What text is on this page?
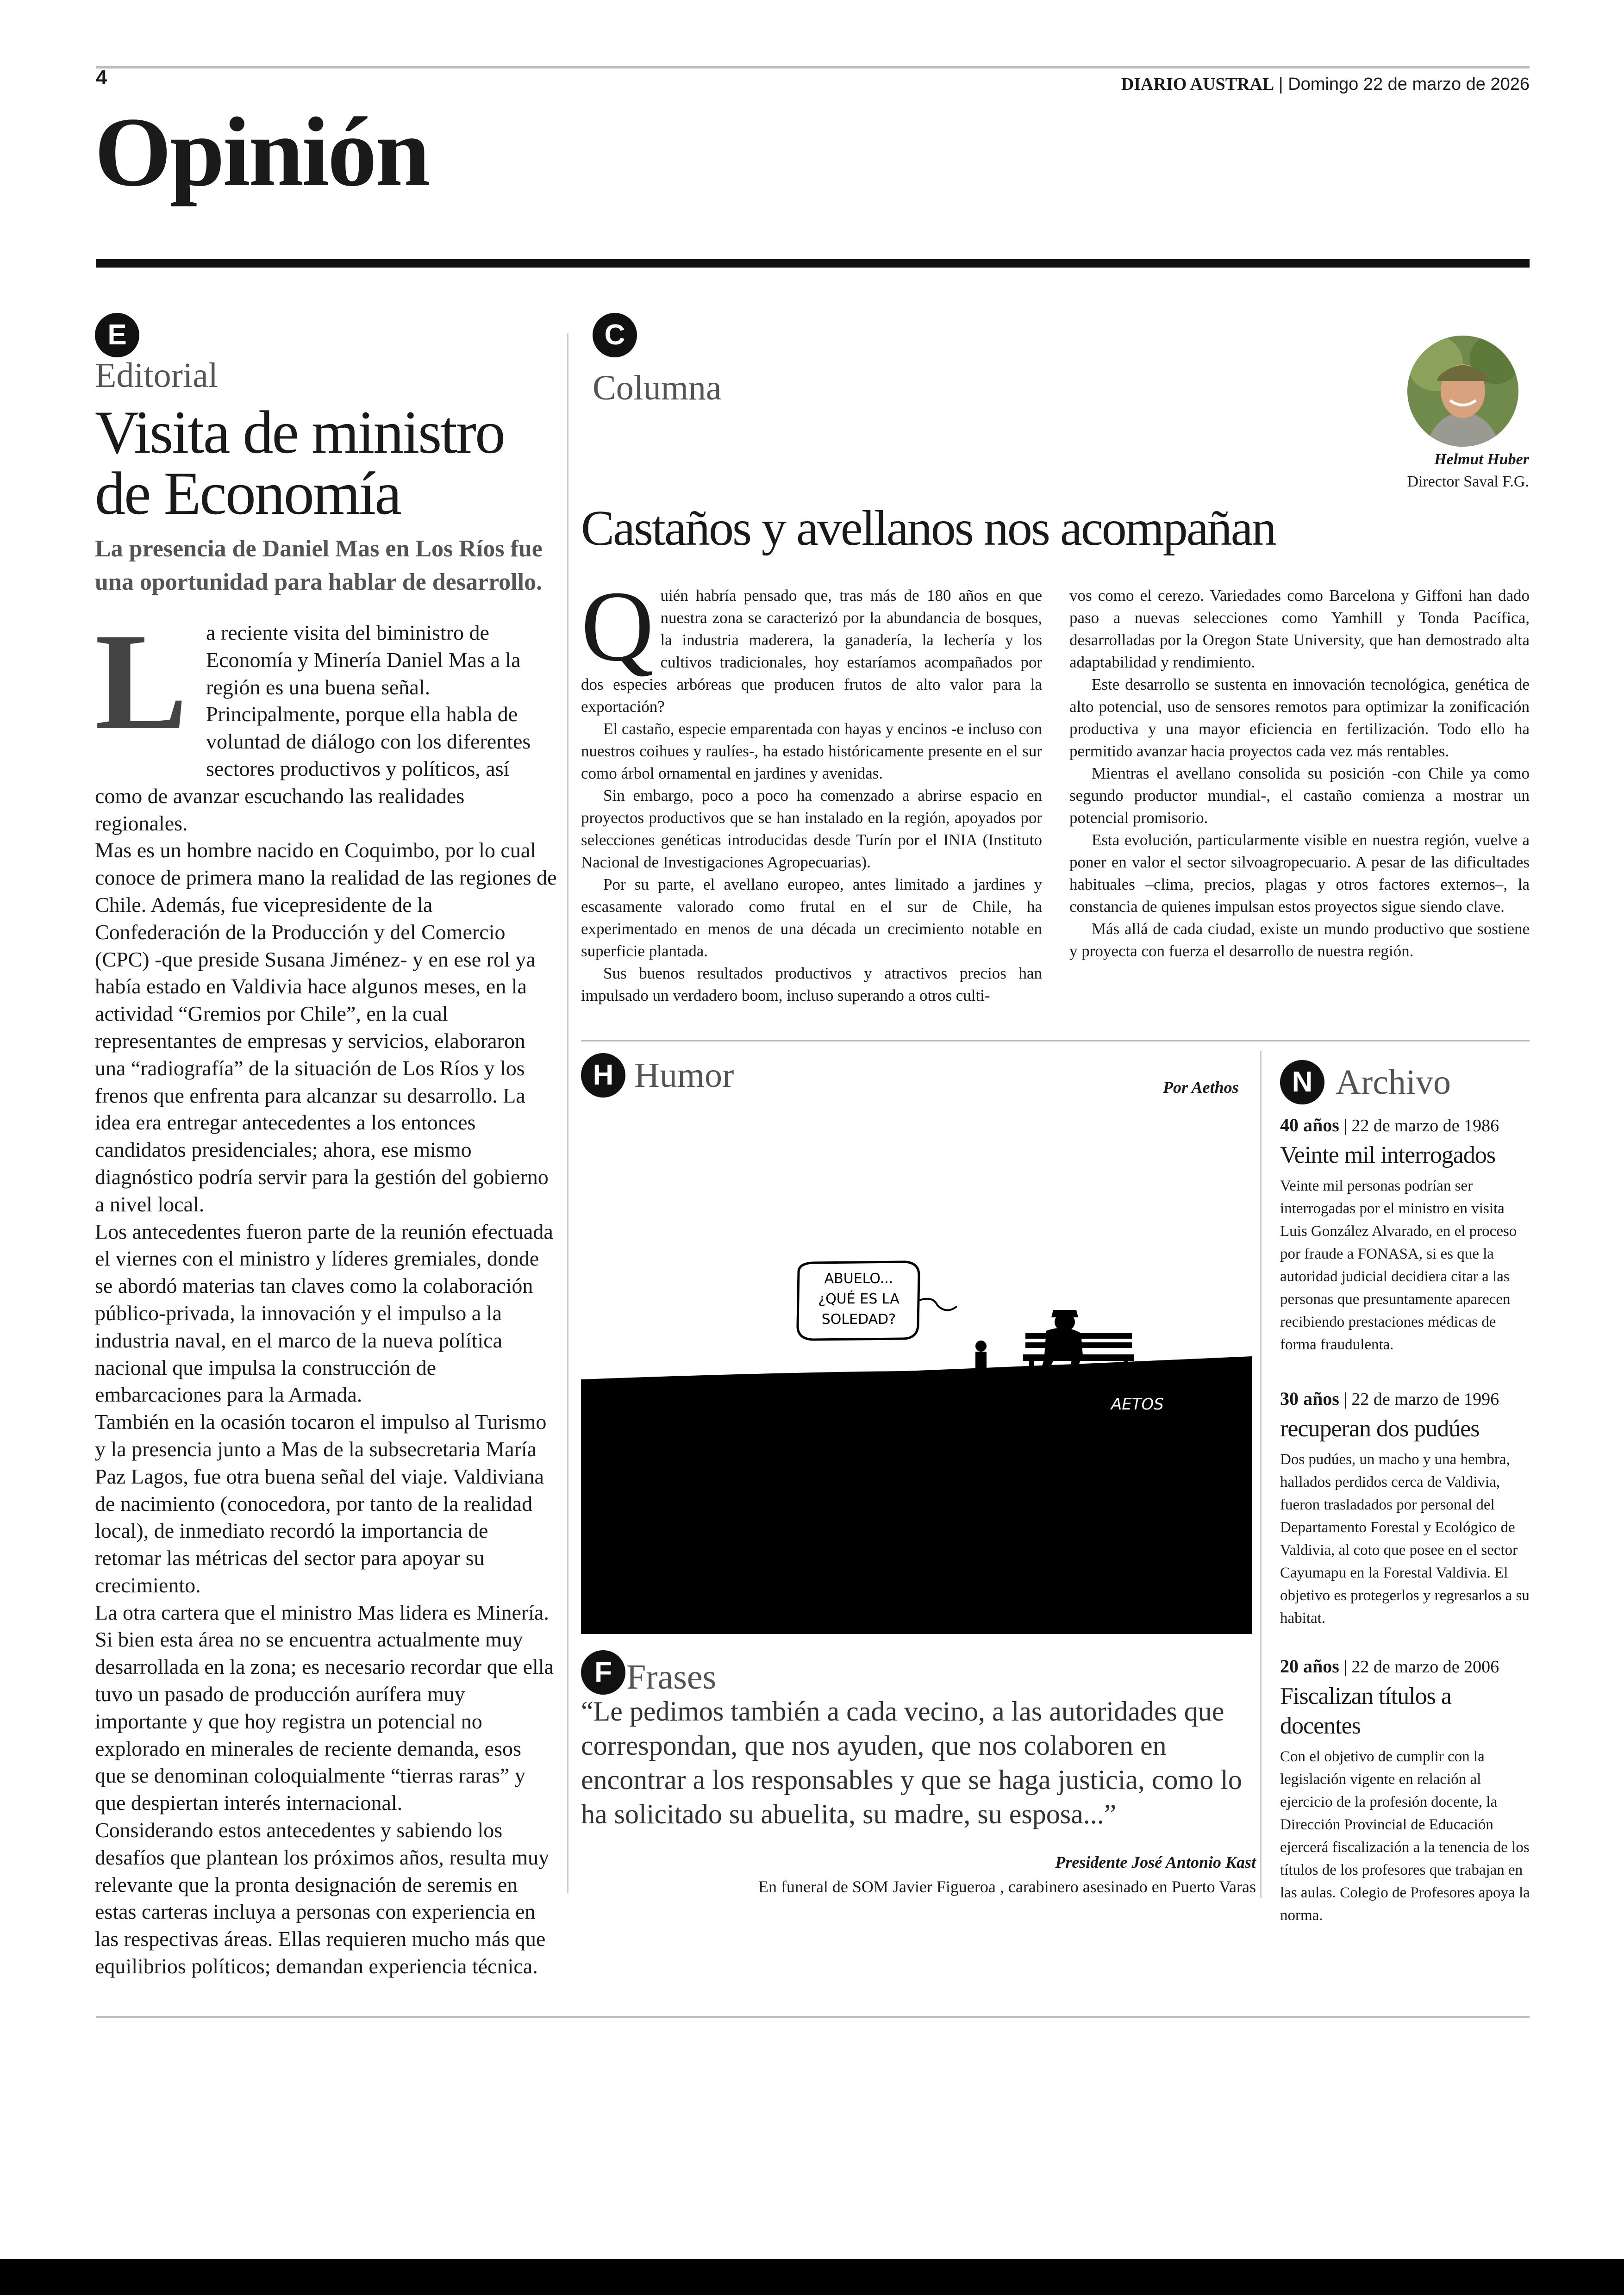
4	DIARIO AUSTRAL | Domingo 22 de marzo de 2026
Opinión
E
Editorial
Visita de ministro de Economía
La presencia de Daniel Mas en Los Ríos fue una oportunidad para hablar de desarrollo.
L a reciente visita del biministro de Economía y Minería Daniel Mas a la región es una buena señal. Principalmente, porque ella habla de voluntad de diálogo con los diferentes sectores productivos y políticos, así como de avanzar escuchando las realidades regionales.

Mas es un hombre nacido en Coquimbo, por lo cual conoce de primera mano la realidad de las regiones de Chile. Además, fue vicepresidente de la Confederación de la Producción y del Comercio (CPC) -que preside Susana Jiménez- y en ese rol ya había estado en Valdivia hace algunos meses, en la actividad “Gremios por Chile”, en la cual representantes de empresas y servicios, elaboraron una “radiografía” de la situación de Los Ríos y los frenos que enfrenta para alcanzar su desarrollo. La idea era entregar antecedentes a los entonces candidatos presidenciales; ahora, ese mismo diagnóstico podría servir para la gestión del gobierno a nivel local.

Los antecedentes fueron parte de la reunión efectuada el viernes con el ministro y líderes gremiales, donde se abordó materias tan claves como la colaboración público-privada, la innovación y el impulso a la industria naval, en el marco de la nueva política nacional que impulsa la construcción de embarcaciones para la Armada.

También en la ocasión tocaron el impulso al Turismo y la presencia junto a Mas de la subsecretaria María Paz Lagos, fue otra buena señal del viaje. Valdiviana de nacimiento (conocedora, por tanto de la realidad local), de inmediato recordó la importancia de retomar las métricas del sector para apoyar su crecimiento.

La otra cartera que el ministro Mas lidera es Minería. Si bien esta área no se encuentra actualmente muy desarrollada en la zona; es necesario recordar que ella tuvo un pasado de producción aurífera muy importante y que hoy registra un potencial no explorado en minerales de reciente demanda, esos que se denominan coloquialmente “tierras raras” y que despiertan interés internacional.

Considerando estos antecedentes y sabiendo los desafíos que plantean los próximos años, resulta muy relevante que la pronta designación de seremis en estas carteras incluya a personas con experiencia en las respectivas áreas. Ellas requieren mucho más que equilibrios políticos; demandan experiencia técnica.

C
Columna
Helmut Huber
Director Saval F.G.
Castaños y avellanos nos acompañan
Q uién habría pensado que, tras más de 180 años en que nuestra zona se caracterizó por la abundancia de bosques, la industria maderera, la ganadería, la lechería y los cultivos tradicionales, hoy estaríamos acompañados por dos especies arbóreas que producen frutos de alto valor para la exportación?

El castaño, especie emparentada con hayas y encinos -e incluso con nuestros coihues y raulíes-, ha estado históricamente presente en el sur como árbol ornamental en jardines y avenidas.

Sin embargo, poco a poco ha comenzado a abrirse espacio en proyectos productivos que se han instalado en la región, apoyados por selecciones genéticas introducidas desde Turín por el INIA (Instituto Nacional de Investigaciones Agropecuarias).

Por su parte, el avellano europeo, antes limitado a jardines y escasamente valorado como frutal en el sur de Chile, ha experimentado en menos de una década un crecimiento notable en superficie plantada.

Sus buenos resultados productivos y atractivos precios han impulsado un verdadero boom, incluso superando a otros culti-

vos como el cerezo. Variedades como Barcelona y Giffoni han dado paso a nuevas selecciones como Yamhill y Tonda Pacífica, desarrolladas por la Oregon State University, que han demostrado alta adaptabilidad y rendimiento.

Este desarrollo se sustenta en innovación tecnológica, genética de alto potencial, uso de sensores remotos para optimizar la zonificación productiva y una mayor eficiencia en fertilización. Todo ello ha permitido avanzar hacia proyectos cada vez más rentables.

Mientras el avellano consolida su posición -con Chile ya como segundo productor mundial-, el castaño comienza a mostrar un potencial promisorio.

Esta evolución, particularmente visible en nuestra región, vuelve a poner en valor el sector silvoagropecuario. A pesar de las dificultades habituales –clima, precios, plagas y otros factores externos–, la constancia de quienes impulsan estos proyectos sigue siendo clave.

Más allá de cada ciudad, existe un mundo productivo que sostiene y proyecta con fuerza el desarrollo de nuestra región.

H Humor	Por Aethos
ABUELO...
¿QUÉ ES LA
SOLEDAD?
AETOS
F Frases
“Le pedimos también a cada vecino, a las autoridades que correspondan, que nos ayuden, que nos colaboren en encontrar a los responsables y que se haga justicia, como lo ha solicitado su abuelita, su madre, su esposa...”
Presidente José Antonio Kast
En funeral de SOM Javier Figueroa , carabinero asesinado en Puerto Varas
N Archivo
40 años | 22 de marzo de 1986
Veinte mil interrogados
Veinte mil personas podrían ser interrogadas por el ministro en visita Luis González Alvarado, en el proceso por fraude a FONASA, si es que la autoridad judicial decidiera citar a las personas que presuntamente aparecen recibiendo prestaciones médicas de forma fraudulenta.
30 años | 22 de marzo de 1996
recuperan dos pudúes
Dos pudúes, un macho y una hembra, hallados perdidos cerca de Valdivia, fueron trasladados por personal del Departamento Forestal y Ecológico de Valdivia, al coto que posee en el sector Cayumapu en la Forestal Valdivia. El objetivo es protegerlos y regresarlos a su habitat.
20 años | 22 de marzo de 2006
Fiscalizan títulos a docentes
Con el objetivo de cumplir con la legislación vigente en relación al ejercicio de la profesión docente, la Dirección Provincial de Educación ejercerá fiscalización a la tenencia de los títulos de los profesores que trabajan en las aulas. Colegio de Profesores apoya la norma.
